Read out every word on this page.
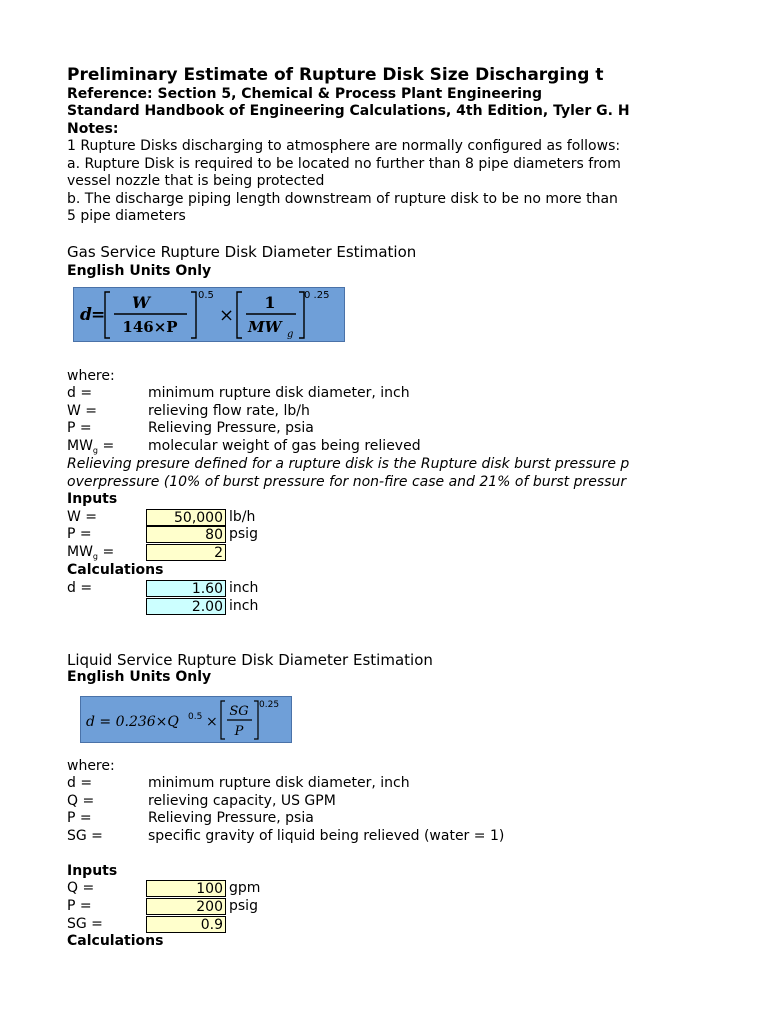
Preliminary Estimate of Rupture Disk Size Discharging t
Reference: Section 5, Chemical & Process Plant Engineering
Standard Handbook of Engineering Calculations, 4th Edition, Tyler G. H
Notes:
1 Rupture Disks discharging to atmosphere are normally configured as follows:
a. Rupture Disk is required to be located no further than 8 pipe diameters from
vessel nozzle that is being protected
b. The discharge piping length downstream of rupture disk to be no more than
5 pipe diameters
Gas Service Rupture Disk Diameter Estimation
English Units Only
d =
W
146×P
0.5
×
1
MW g
0 .25
where:
d =	minimum rupture disk diameter, inch
W =	relieving flow rate, lb/h
P =	Relieving Pressure, psia
$MW_g$ = molecular weight of gas being relieved
Relieving presure defined for a rupture disk is the Rupture disk burst pressure p
overpressure (10% of burst pressure for non-fire case and 21% of burst pressur
Inputs
W =	50,000 lb/h
P =	80 psig
$MW_g$ =	2
Calculations
d =	1.60 inch
2.00 inch
Liquid Service Rupture Disk Diameter Estimation
English Units Only
d = 0.236×Q 0.5 ×
SG
P
0.25
where:
d =	minimum rupture disk diameter, inch
Q =	relieving capacity, US GPM
P =	Relieving Pressure, psia
SG =	specific gravity of liquid being relieved (water = 1)
Inputs
Q =	100 gpm
P =	200 psig
SG =	0.9
Calculations
